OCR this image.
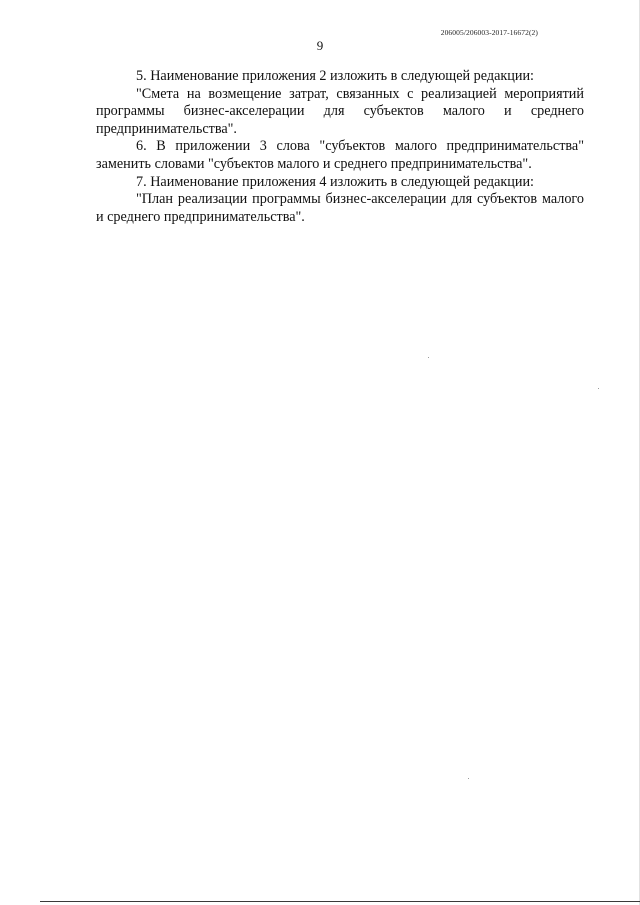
206005/206003-2017-16672(2)
9

5. Наименование приложения 2 изложить в следующей редакции:

"Смета на возмещение затрат, связанных с реализацией мероприятий программы бизнес-акселерации для субъектов малого и среднего предпринимательства".

6. В приложении 3 слова "субъектов малого предпринимательства" заменить словами "субъектов малого и среднего предпринимательства".

7. Наименование приложения 4 изложить в следующей редакции:

"План реализации программы бизнес-акселерации для субъектов малого и среднего предпринимательства".
